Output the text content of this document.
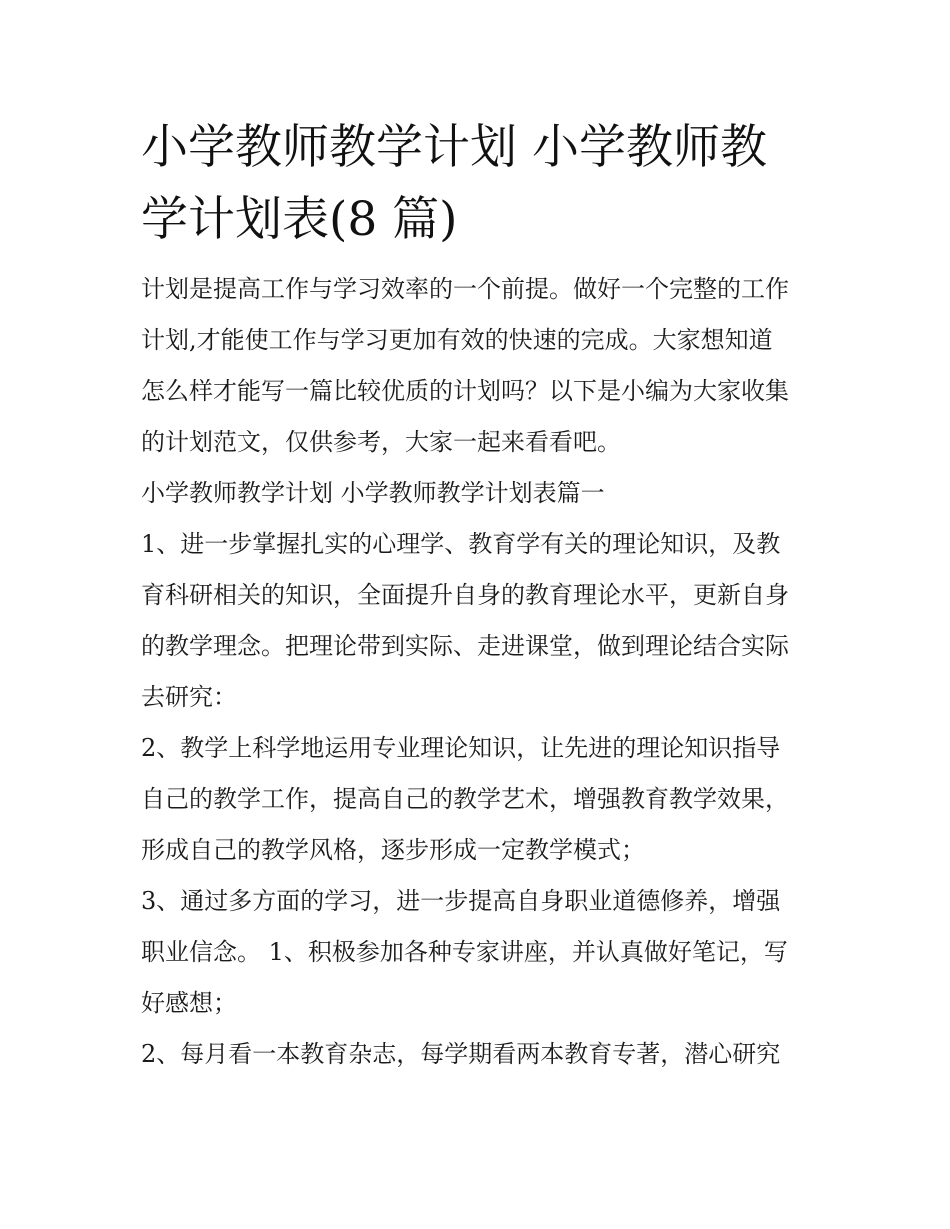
小学教师教学计划 小学教师教
学计划表(8 篇)

计划是提高工作与学习效率的一个前提。做好一个完整的工作
计划,才能使工作与学习更加有效的快速的完成。大家想知道
怎么样才能写一篇比较优质的计划吗？以下是小编为大家收集
的计划范文，仅供参考，大家一起来看看吧。

小学教师教学计划 小学教师教学计划表篇一

1、进一步掌握扎实的心理学、教育学有关的理论知识，及教
育科研相关的知识，全面提升自身的教育理论水平，更新自身
的教学理念。把理论带到实际、走进课堂，做到理论结合实际
去研究：

2、教学上科学地运用专业理论知识，让先进的理论知识指导
自己的教学工作，提高自己的教学艺术，增强教育教学效果，
形成自己的教学风格，逐步形成一定教学模式；

3、通过多方面的学习，进一步提高自身职业道德修养，增强
职业信念。 1、积极参加各种专家讲座，并认真做好笔记，写
好感想；

2、每月看一本教育杂志，每学期看两本教育专著，潜心研究
